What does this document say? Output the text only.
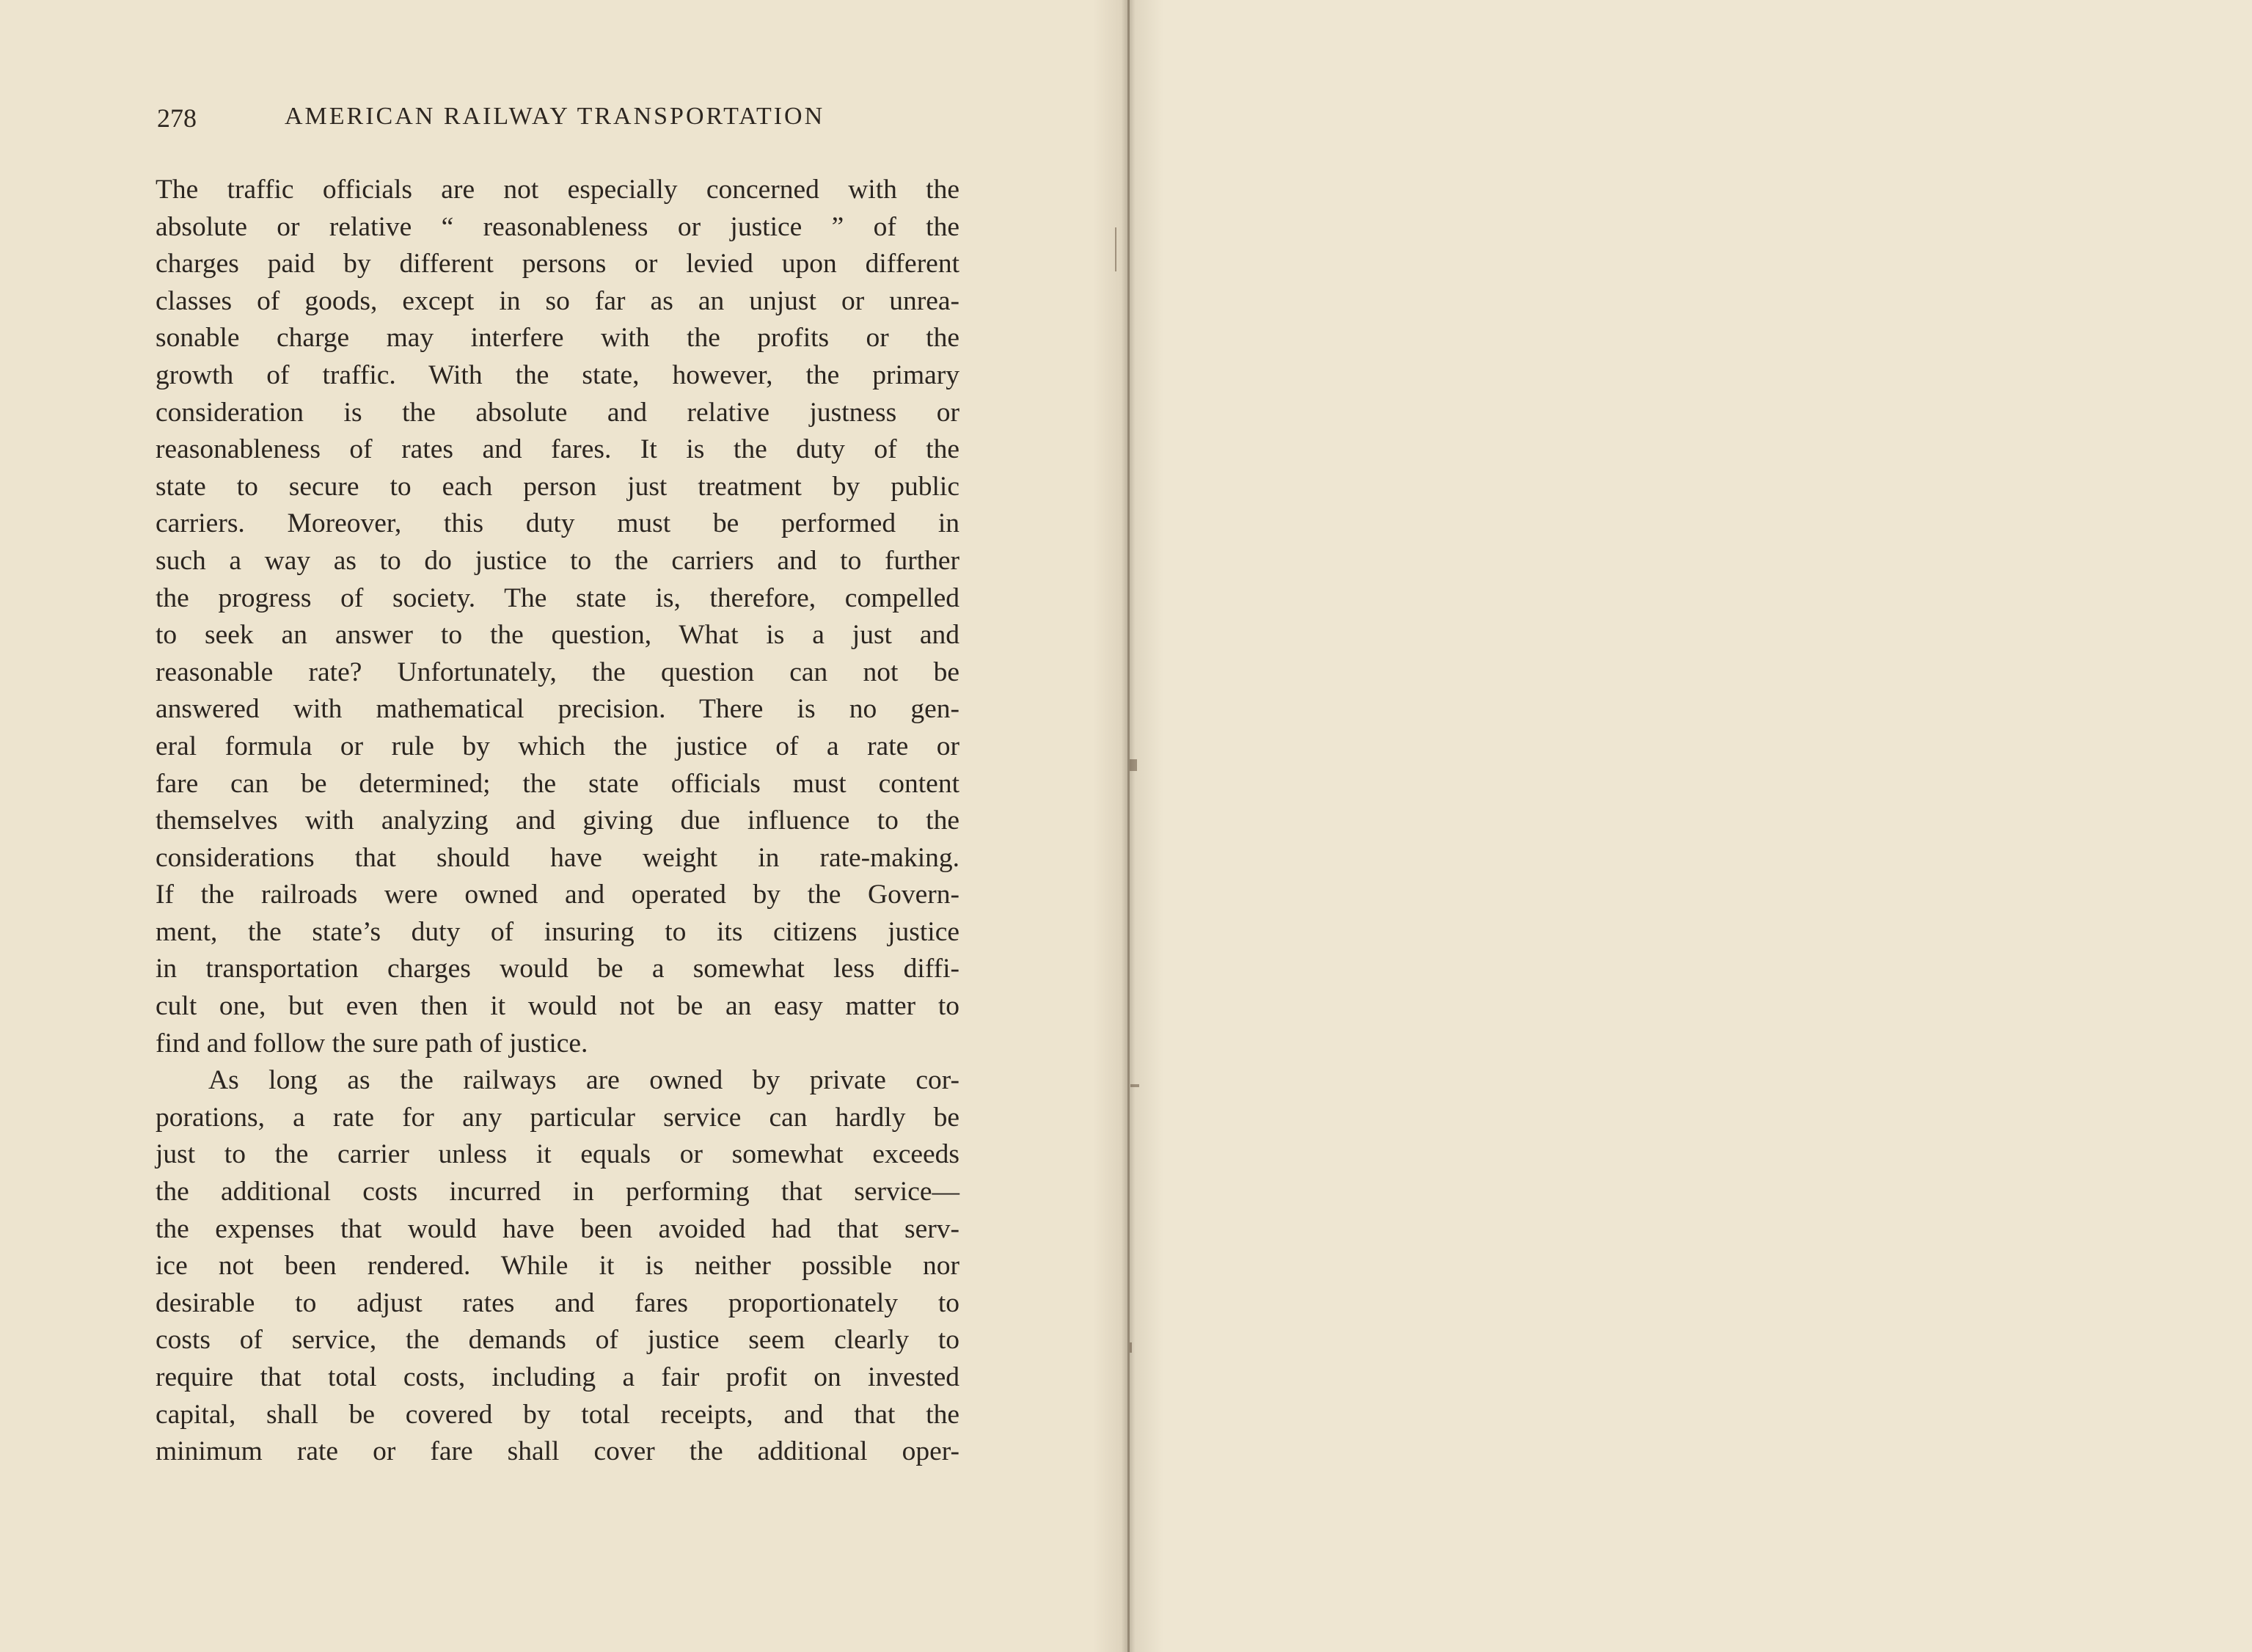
278	AMERICAN RAILWAY TRANSPORTATION
The traffic officials are not especially concerned with the
absolute or relative “ reasonableness or justice ” of the
charges paid by different persons or levied upon different
classes of goods, except in so far as an unjust or unrea-
sonable charge may interfere with the profits or the
growth of traffic. With the state, however, the primary
consideration is the absolute and relative justness or
reasonableness of rates and fares. It is the duty of the
state to secure to each person just treatment by public
carriers. Moreover, this duty must be performed in
such a way as to do justice to the carriers and to further
the progress of society. The state is, therefore, compelled
to seek an answer to the question, What is a just and
reasonable rate? Unfortunately, the question can not be
answered with mathematical precision. There is no gen-
eral formula or rule by which the justice of a rate or
fare can be determined; the state officials must content
themselves with analyzing and giving due influence to the
considerations that should have weight in rate-making.
If the railroads were owned and operated by the Govern-
ment, the state’s duty of insuring to its citizens justice
in transportation charges would be a somewhat less diffi-
cult one, but even then it would not be an easy matter to
find and follow the sure path of justice.
As long as the railways are owned by private cor-
porations, a rate for any particular service can hardly be
just to the carrier unless it equals or somewhat exceeds
the additional costs incurred in performing that service—
the expenses that would have been avoided had that serv-
ice not been rendered. While it is neither possible nor
desirable to adjust rates and fares proportionately to
costs of service, the demands of justice seem clearly to
require that total costs, including a fair profit on invested
capital, shall be covered by total receipts, and that the
minimum rate or fare shall cover the additional oper-
